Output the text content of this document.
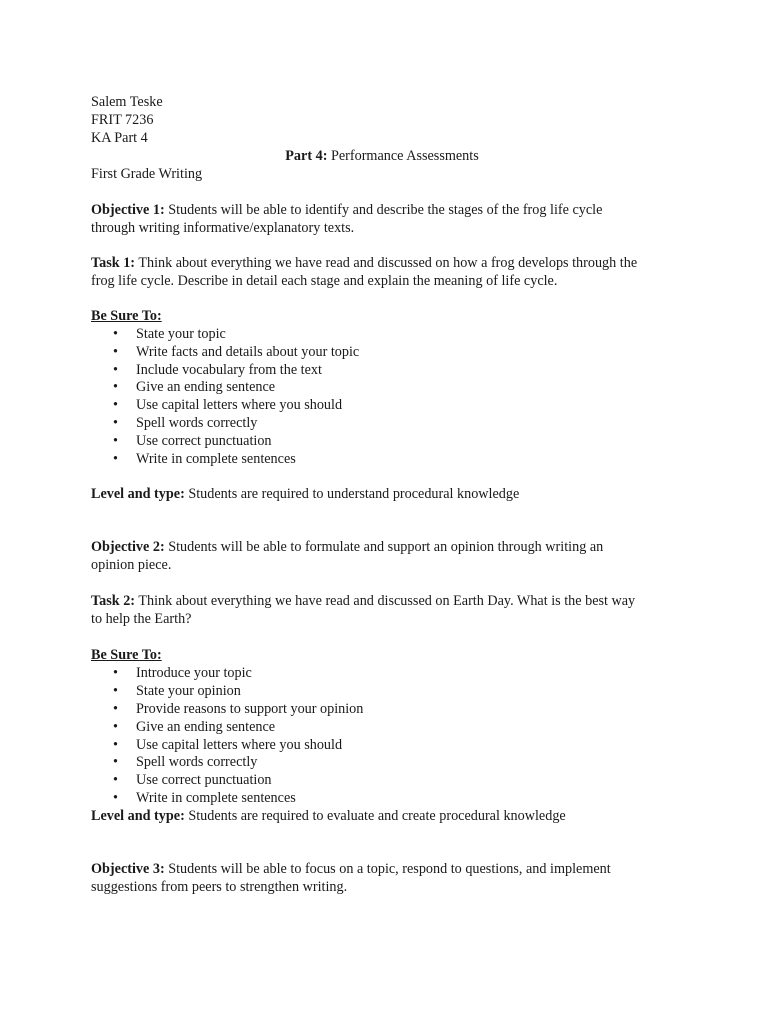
Salem Teske

FRIT 7236

KA Part 4

Part 4: Performance Assessments

First Grade Writing

Objective 1: Students will be able to identify and describe the stages of the frog life cycle

through writing informative/explanatory texts.

Task 1: Think about everything we have read and discussed on how a frog develops through the

frog life cycle. Describe in detail each stage and explain the meaning of life cycle.

Be Sure To:

• State your topic
• Write facts and details about your topic
• Include vocabulary from the text
• Give an ending sentence
• Use capital letters where you should
• Spell words correctly
• Use correct punctuation
• Write in complete sentences

Level and type: Students are required to understand procedural knowledge

Objective 2: Students will be able to formulate and support an opinion through writing an

opinion piece.

Task 2: Think about everything we have read and discussed on Earth Day. What is the best way

to help the Earth?

Be Sure To:

• Introduce your topic
• State your opinion
• Provide reasons to support your opinion
• Give an ending sentence
• Use capital letters where you should
• Spell words correctly
• Use correct punctuation
• Write in complete sentences

Level and type: Students are required to evaluate and create procedural knowledge

Objective 3: Students will be able to focus on a topic, respond to questions, and implement

suggestions from peers to strengthen writing.
